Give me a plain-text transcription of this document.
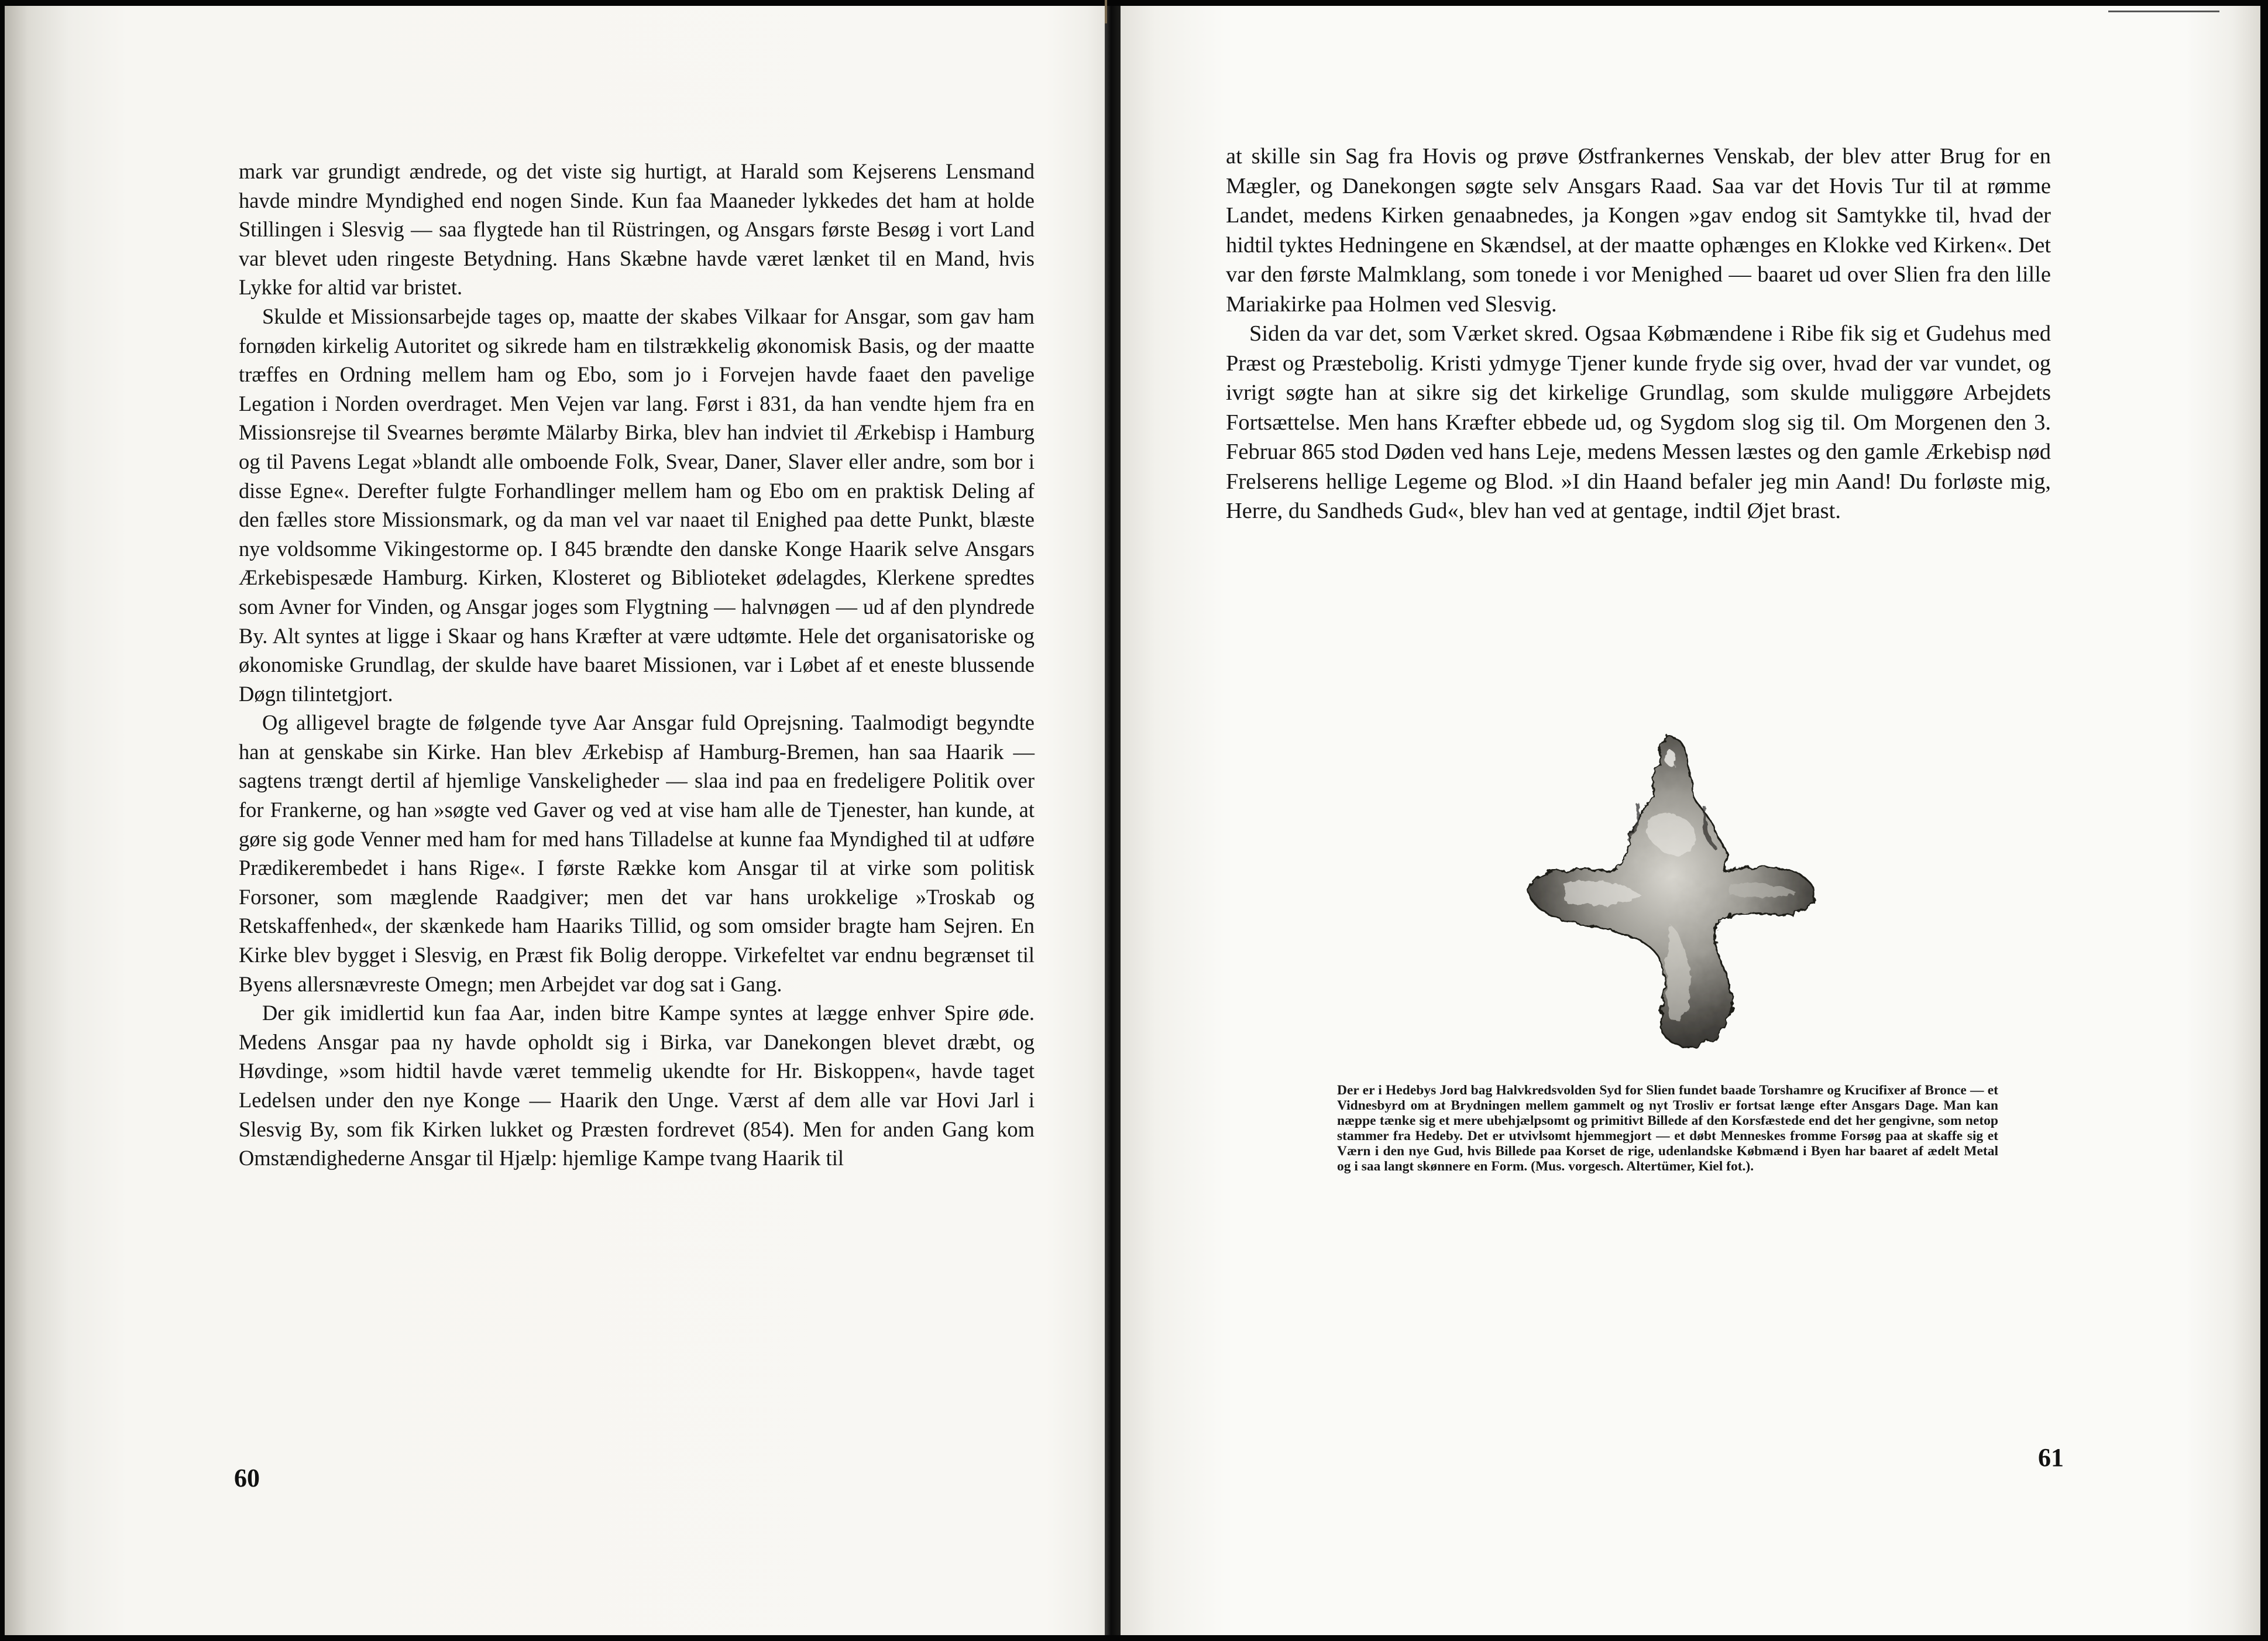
mark var grundigt ændrede, og det viste sig hurtigt, at Harald som Kejserens Lensmand havde mindre Myndighed end nogen Sinde. Kun faa Maaneder lykkedes det ham at holde Stillingen i Slesvig — saa flygtede han til Rüstringen, og Ansgars første Besøg i vort Land var blevet uden ringeste Betydning. Hans Skæbne havde været lænket til en Mand, hvis Lykke for altid var bristet.

Skulde et Missionsarbejde tages op, maatte der skabes Vilkaar for Ansgar, som gav ham fornøden kirkelig Autoritet og sikrede ham en tilstrækkelig økonomisk Basis, og der maatte træffes en Ordning mellem ham og Ebo, som jo i Forvejen havde faaet den pavelige Legation i Norden overdraget. Men Vejen var lang. Først i 831, da han vendte hjem fra en Missionsrejse til Svearnes berømte Mälarby Birka, blev han indviet til Ærkebisp i Hamburg og til Pavens Legat »blandt alle omboende Folk, Svear, Daner, Slaver eller andre, som bor i disse Egne«. Derefter fulgte Forhandlinger mellem ham og Ebo om en praktisk Deling af den fælles store Missionsmark, og da man vel var naaet til Enighed paa dette Punkt, blæste nye voldsomme Vikingestorme op. I 845 brændte den danske Konge Haarik selve Ansgars Ærkebispesæde Hamburg. Kirken, Klosteret og Biblioteket ødelagdes, Klerkene spredtes som Avner for Vinden, og Ansgar joges som Flygtning — halvnøgen — ud af den plyndrede By. Alt syntes at ligge i Skaar og hans Kræfter at være udtømte. Hele det organisatoriske og økonomiske Grundlag, der skulde have baaret Missionen, var i Løbet af et eneste blussende Døgn tilintetgjort.

Og alligevel bragte de følgende tyve Aar Ansgar fuld Oprejsning. Taalmodigt begyndte han at genskabe sin Kirke. Han blev Ærkebisp af Hamburg-Bremen, han saa Haarik — sagtens trængt dertil af hjemlige Vanskeligheder — slaa ind paa en fredeligere Politik over for Frankerne, og han »søgte ved Gaver og ved at vise ham alle de Tjenester, han kunde, at gøre sig gode Venner med ham for med hans Tilladelse at kunne faa Myndighed til at udføre Prædikerembedet i hans Rige«. I første Række kom Ansgar til at virke som politisk Forsoner, som mæglende Raadgiver; men det var hans urokkelige »Troskab og Retskaffenhed«, der skænkede ham Haariks Tillid, og som omsider bragte ham Sejren. En Kirke blev bygget i Slesvig, en Præst fik Bolig deroppe. Virkefeltet var endnu begrænset til Byens allersnævreste Omegn; men Arbejdet var dog sat i Gang.

Der gik imidlertid kun faa Aar, inden bitre Kampe syntes at lægge enhver Spire øde. Medens Ansgar paa ny havde opholdt sig i Birka, var Danekongen blevet dræbt, og Høvdinge, »som hidtil havde været temmelig ukendte for Hr. Biskoppen«, havde taget Ledelsen under den nye Konge — Haarik den Unge. Værst af dem alle var Hovi Jarl i Slesvig By, som fik Kirken lukket og Præsten fordrevet (854). Men for anden Gang kom Omstændighederne Ansgar til Hjælp: hjemlige Kampe tvang Haarik til

60

at skille sin Sag fra Hovis og prøve Østfrankernes Venskab, der blev atter Brug for en Mægler, og Danekongen søgte selv Ansgars Raad. Saa var det Hovis Tur til at rømme Landet, medens Kirken genaabnedes, ja Kongen »gav endog sit Samtykke til, hvad der hidtil tyktes Hedningene en Skændsel, at der maatte ophænges en Klokke ved Kirken«. Det var den første Malmklang, som tonede i vor Menighed — baaret ud over Slien fra den lille Mariakirke paa Holmen ved Slesvig.

Siden da var det, som Værket skred. Ogsaa Købmændene i Ribe fik sig et Gudehus med Præst og Præstebolig. Kristi ydmyge Tjener kunde fryde sig over, hvad der var vundet, og ivrigt søgte han at sikre sig det kirkelige Grundlag, som skulde muliggøre Arbejdets Fortsættelse. Men hans Kræfter ebbede ud, og Sygdom slog sig til. Om Morgenen den 3. Februar 865 stod Døden ved hans Leje, medens Messen læstes og den gamle Ærkebisp nød Frelserens hellige Legeme og Blod. »I din Haand befaler jeg min Aand! Du forløste mig, Herre, du Sandheds Gud«, blev han ved at gentage, indtil Øjet brast.

Der er i Hedebys Jord bag Halvkredsvolden Syd for Slien fundet baade Torshamre og Krucifixer af Bronce — et Vidnesbyrd om at Brydningen mellem gammelt og nyt Trosliv er fortsat længe efter Ansgars Dage. Man kan næppe tænke sig et mere ubehjælpsomt og primitivt Billede af den Korsfæstede end det her gengivne, som netop stammer fra Hedeby. Det er utvivlsomt hjemmegjort — et døbt Menneskes fromme Forsøg paa at skaffe sig et Værn i den nye Gud, hvis Billede paa Korset de rige, udenlandske Købmænd i Byen har baaret af ædelt Metal og i saa langt skønnere en Form. (Mus. vorgesch. Altertümer, Kiel fot.).
61
